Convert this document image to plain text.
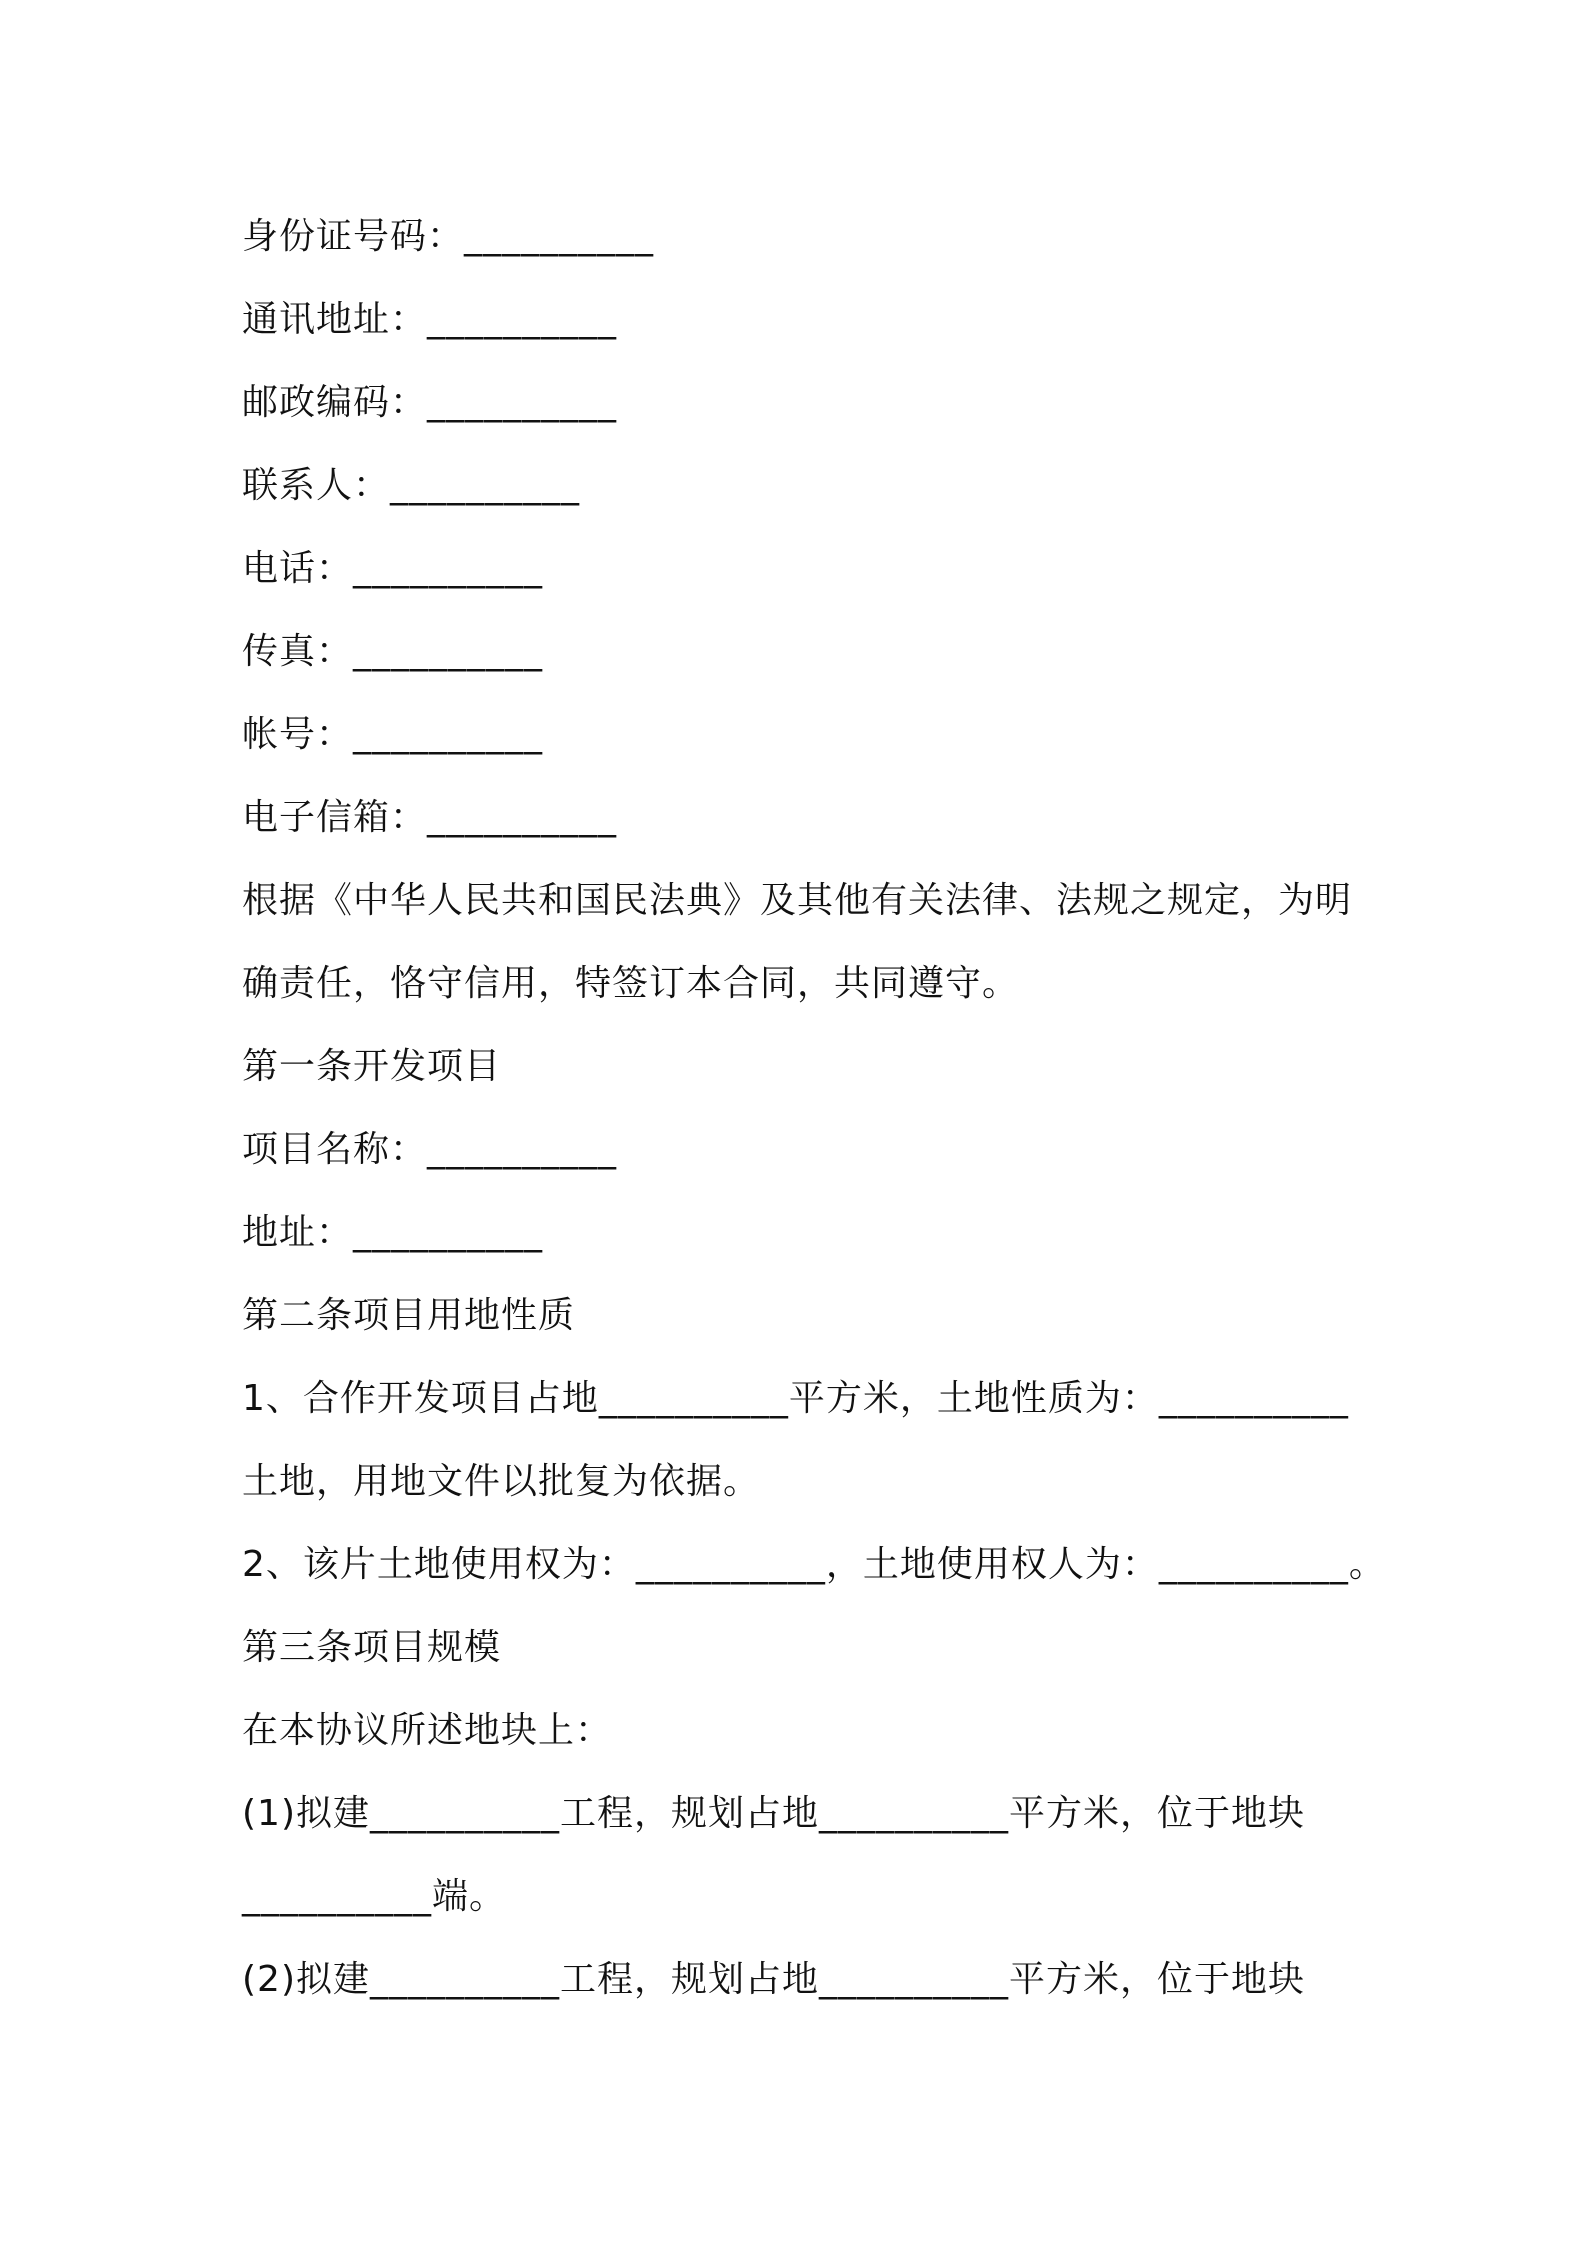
身份证号码：__________
通讯地址：__________
邮政编码：__________
联系人：__________
电话：__________
传真：__________
帐号：__________
电子信箱：__________
根据《中华人民共和国民法典》及其他有关法律、法规之规定，为明
确责任，恪守信用，特签订本合同，共同遵守。
第一条开发项目
项目名称：__________
地址：__________
第二条项目用地性质
1、合作开发项目占地__________平方米，土地性质为：__________
土地，用地文件以批复为依据。
2、该片土地使用权为：__________，土地使用权人为：__________。
第三条项目规模
在本协议所述地块上：
(1)拟建__________工程，规划占地__________平方米，位于地块
__________端。
(2)拟建__________工程，规划占地__________平方米，位于地块
